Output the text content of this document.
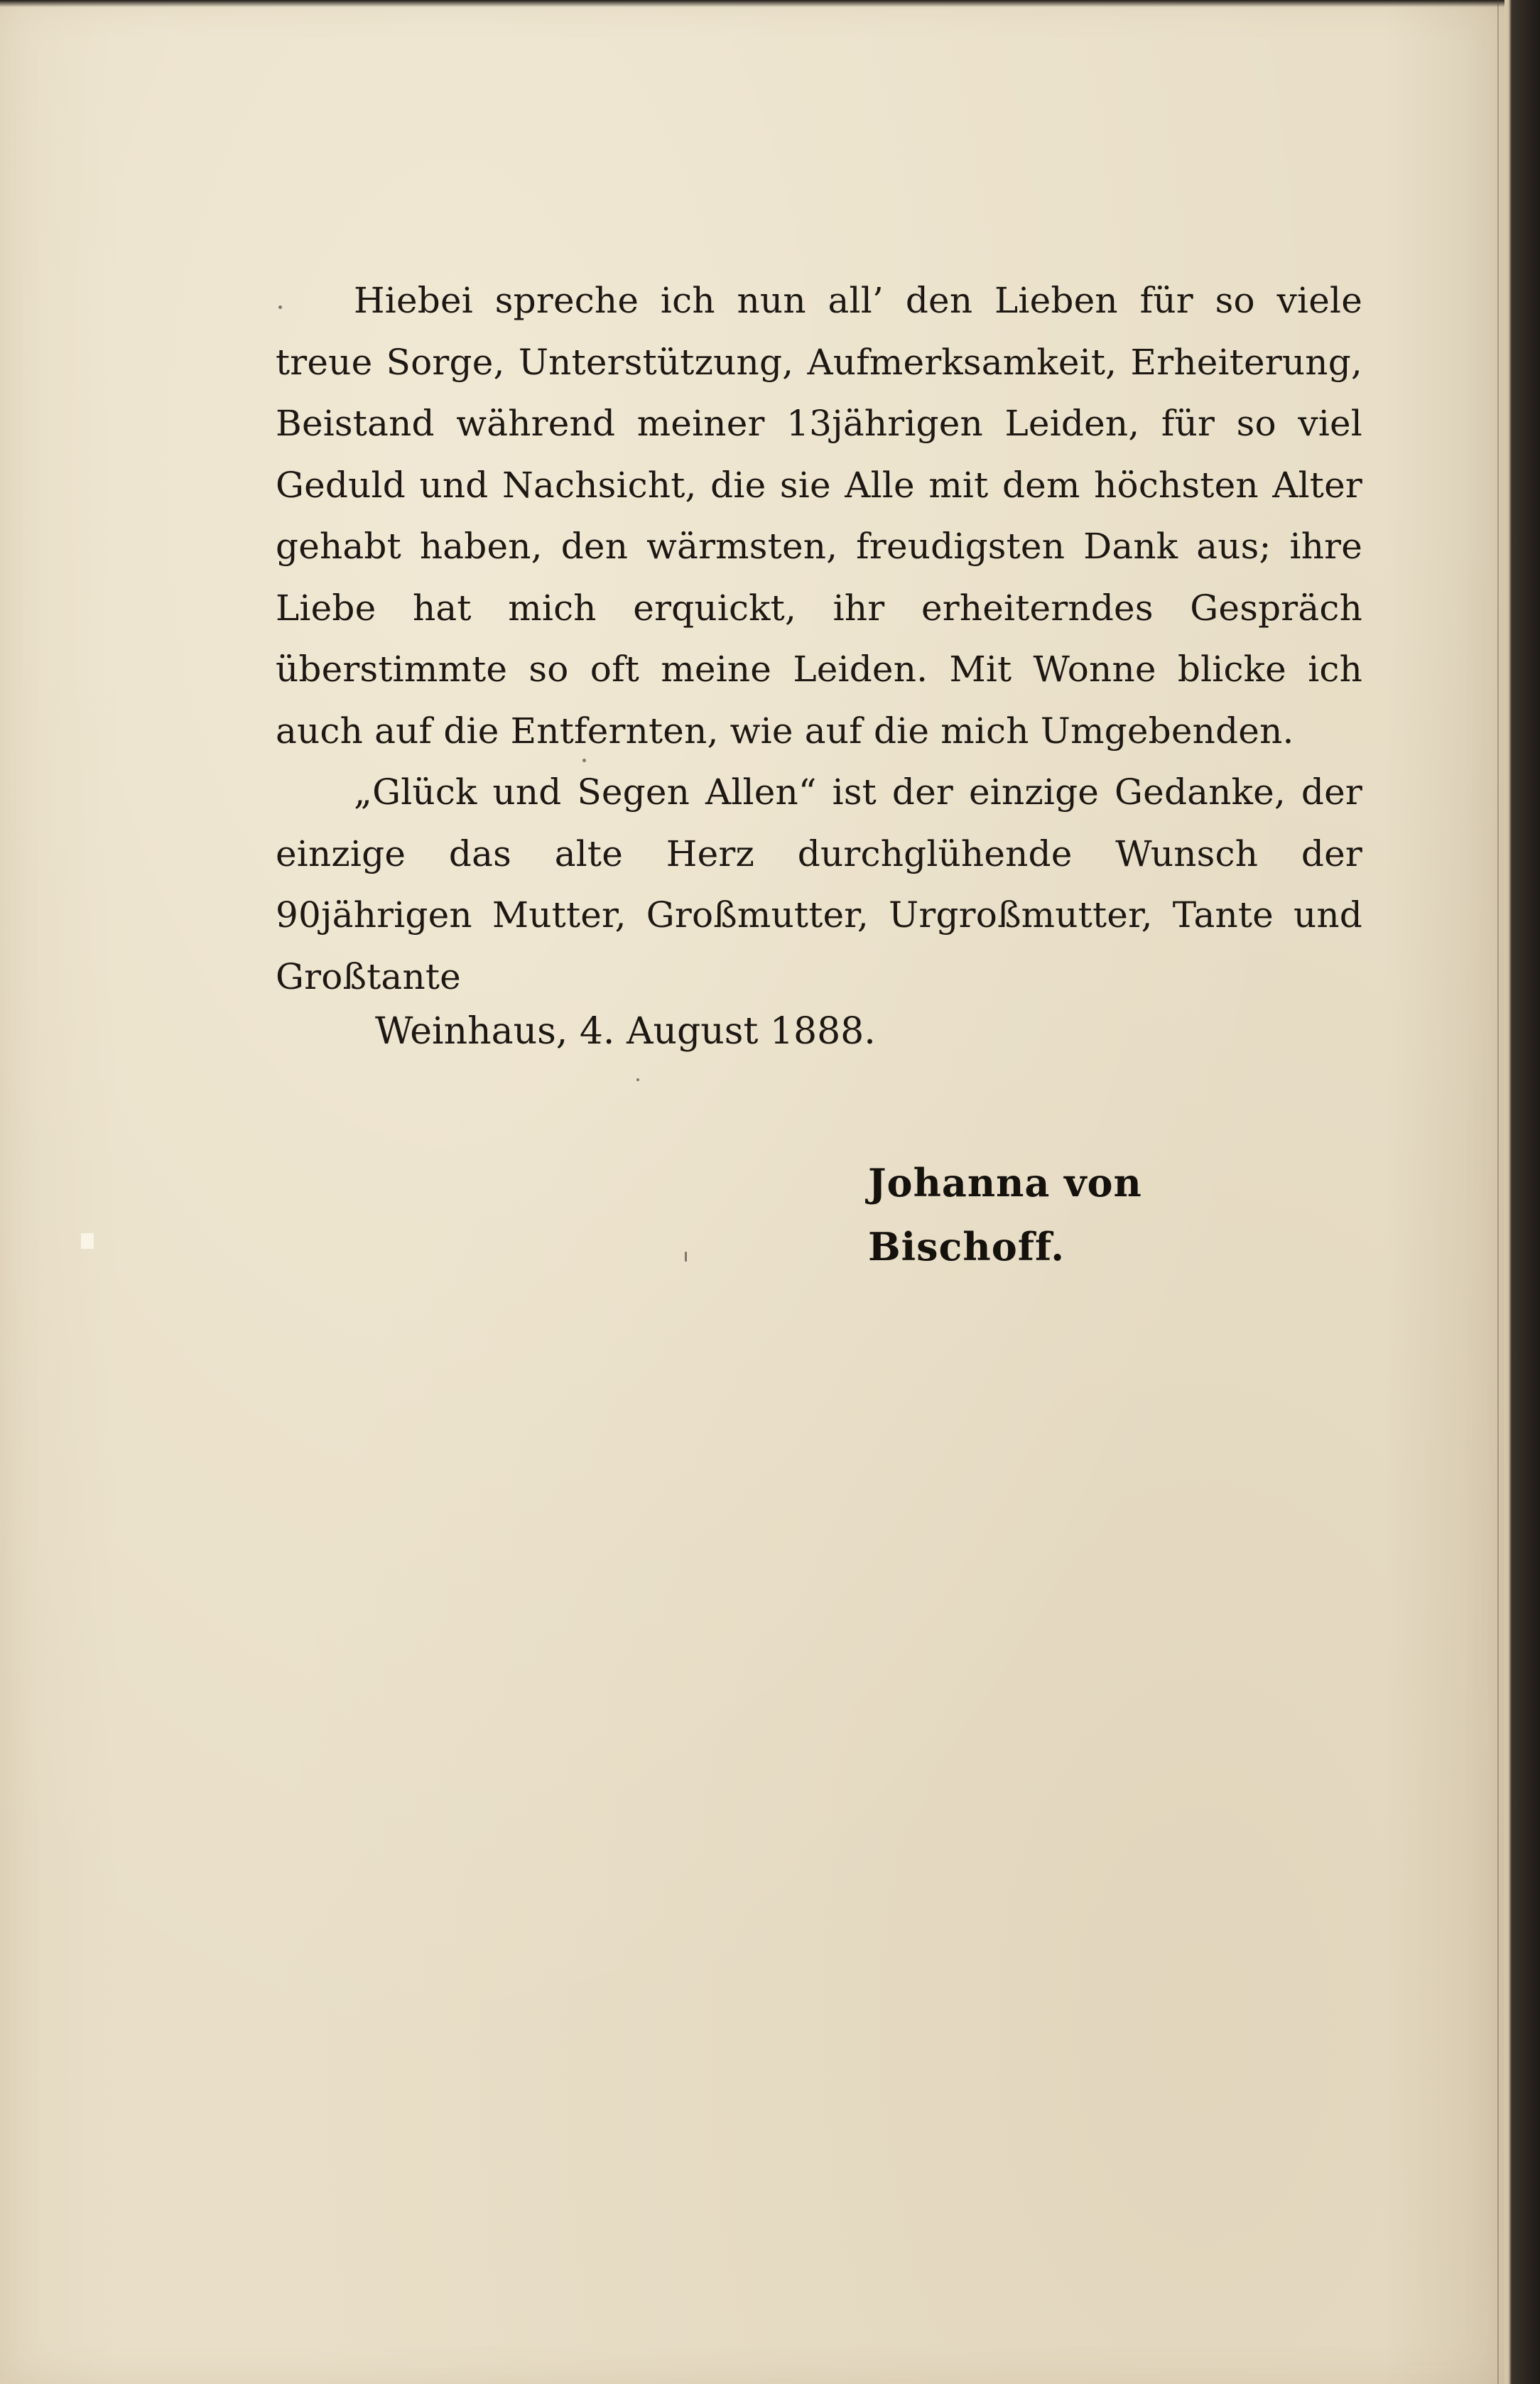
Hiebei spreche ich nun all’ den Lieben für so viele treue Sorge, Unterstützung, Aufmerksamkeit, Erheiterung, Beistand während meiner 13jährigen Leiden, für so viel Geduld und Nachsicht, die sie Alle mit dem höchsten Alter gehabt haben, den wärmsten, freudigsten Dank aus; ihre Liebe hat mich erquickt, ihr erheiterndes Gespräch überstimmte so oft meine Leiden. Mit Wonne blicke ich auch auf die Entfernten, wie auf die mich Umgebenden.

„Glück und Segen Allen“ ist der einzige Gedanke, der einzige das alte Herz durchglühende Wunsch der 90jährigen Mutter, Großmutter, Urgroßmutter, Tante und Großtante

Weinhaus, 4. August 1888.

Johanna von Bischoff.
